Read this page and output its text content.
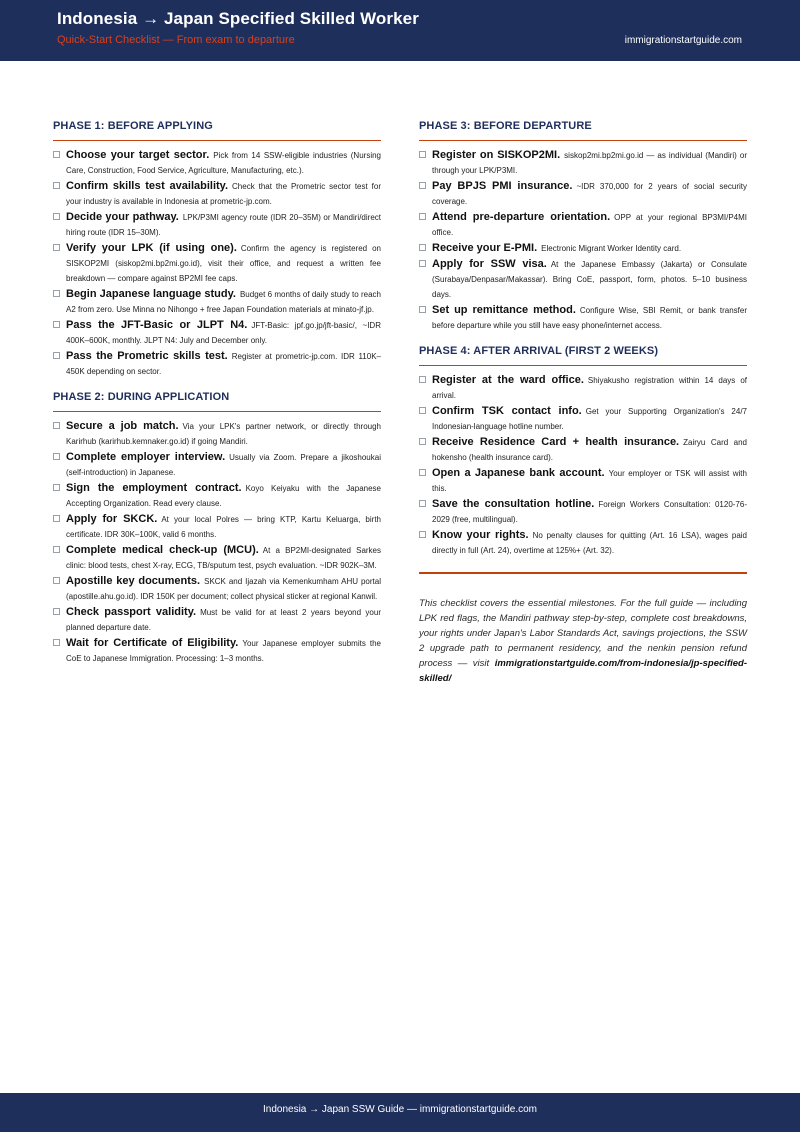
Indonesia → Japan Specified Skilled Worker
Quick-Start Checklist — From exam to departure	immigrationstartguide.com
PHASE 1: BEFORE APPLYING
Choose your target sector. Pick from 14 SSW-eligible industries (Nursing Care, Construction, Food Service, Agriculture, Manufacturing, etc.).
Confirm skills test availability. Check that the Prometric sector test for your industry is available in Indonesia at prometric-jp.com.
Decide your pathway. LPK/P3MI agency route (IDR 20–35M) or Mandiri/direct hiring route (IDR 15–30M).
Verify your LPK (if using one). Confirm the agency is registered on SISKOP2MI (siskop2mi.bp2mi.go.id), visit their office, and request a written fee breakdown — compare against BP2MI fee caps.
Begin Japanese language study. Budget 6 months of daily study to reach A2 from zero. Use Minna no Nihongo + free Japan Foundation materials at minato-jf.jp.
Pass the JFT-Basic or JLPT N4. JFT-Basic: jpf.go.jp/jft-basic/, ~IDR 400K–600K, monthly. JLPT N4: July and December only.
Pass the Prometric skills test. Register at prometric-jp.com. IDR 110K–450K depending on sector.
PHASE 2: DURING APPLICATION
Secure a job match. Via your LPK's partner network, or directly through Karirhub (karirhub.kemnaker.go.id) if going Mandiri.
Complete employer interview. Usually via Zoom. Prepare a jikoshoukai (self-introduction) in Japanese.
Sign the employment contract. Koyo Keiyaku with the Japanese Accepting Organization. Read every clause.
Apply for SKCK. At your local Polres — bring KTP, Kartu Keluarga, birth certificate. IDR 30K–100K, valid 6 months.
Complete medical check-up (MCU). At a BP2MI-designated Sarkes clinic: blood tests, chest X-ray, ECG, TB/sputum test, psych evaluation. ~IDR 902K–3M.
Apostille key documents. SKCK and Ijazah via Kemenkumham AHU portal (apostille.ahu.go.id). IDR 150K per document; collect physical sticker at regional Kanwil.
Check passport validity. Must be valid for at least 2 years beyond your planned departure date.
Wait for Certificate of Eligibility. Your Japanese employer submits the CoE to Japanese Immigration. Processing: 1–3 months.
PHASE 3: BEFORE DEPARTURE
Register on SISKOP2MI. siskop2mi.bp2mi.go.id — as individual (Mandiri) or through your LPK/P3MI.
Pay BPJS PMI insurance. ~IDR 370,000 for 2 years of social security coverage.
Attend pre-departure orientation. OPP at your regional BP3MI/P4MI office.
Receive your E-PMI. Electronic Migrant Worker Identity card.
Apply for SSW visa. At the Japanese Embassy (Jakarta) or Consulate (Surabaya/Denpasar/Makassar). Bring CoE, passport, form, photos. 5–10 business days.
Set up remittance method. Configure Wise, SBI Remit, or bank transfer before departure while you still have easy phone/internet access.
PHASE 4: AFTER ARRIVAL (FIRST 2 WEEKS)
Register at the ward office. Shiyakusho registration within 14 days of arrival.
Confirm TSK contact info. Get your Supporting Organization's 24/7 Indonesian-language hotline number.
Receive Residence Card + health insurance. Zairyu Card and hokensho (health insurance card).
Open a Japanese bank account. Your employer or TSK will assist with this.
Save the consultation hotline. Foreign Workers Consultation: 0120-76-2029 (free, multilingual).
Know your rights. No penalty clauses for quitting (Art. 16 LSA), wages paid directly in full (Art. 24), overtime at 125%+ (Art. 32).
This checklist covers the essential milestones. For the full guide — including LPK red flags, the Mandiri pathway step-by-step, complete cost breakdowns, your rights under Japan's Labor Standards Act, savings projections, the SSW 2 upgrade path to permanent residency, and the nenkin pension refund process — visit immigrationstartguide.com/from-indonesia/jp-specified-skilled/
Indonesia → Japan SSW Guide — immigrationstartguide.com
